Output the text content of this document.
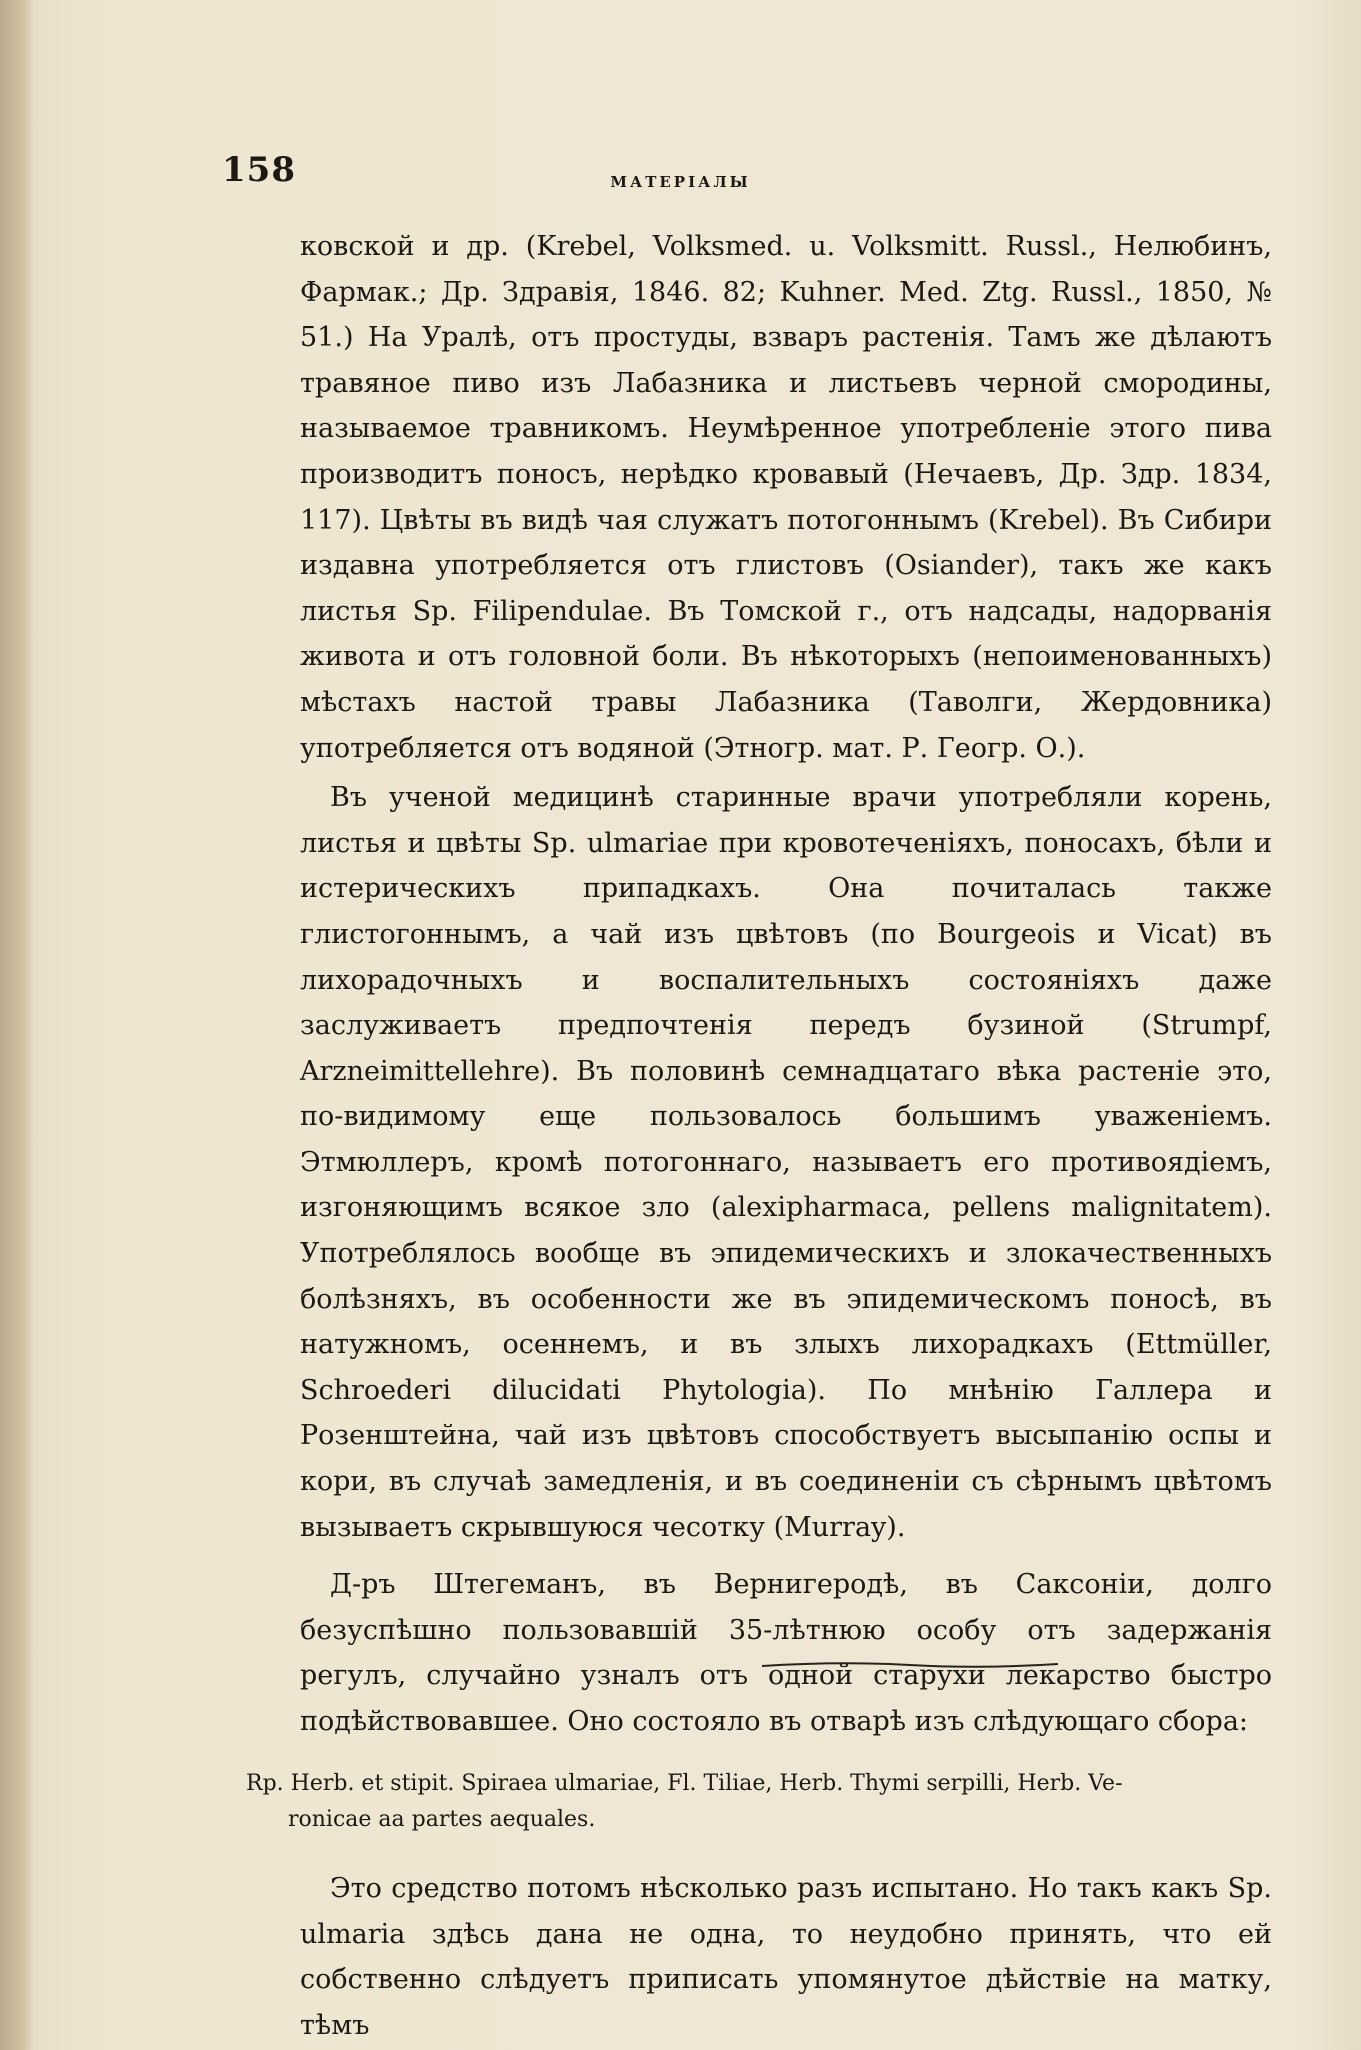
158	МАТЕРІАЛЫ

ковской и др. (Krebel, Volksmed. u. Volksmitt. Russl., Нелюбинъ, Фармак.; Др. Здравія, 1846. 82; Kuhner. Med. Ztg. Russl., 1850, № 51.) На Уралѣ, отъ простуды, взваръ растенія. Тамъ же дѣлаютъ травяное пиво изъ Лабазника и листьевъ черной смородины, называемое травникомъ. Неумѣренное употребленіе этого пива производитъ поносъ, нерѣдко кровавый (Нечаевъ, Др. Здр. 1834, 117). Цвѣты въ видѣ чая служатъ потогоннымъ (Krebel). Въ Сибири издавна употребляется отъ глистовъ (Osiander), такъ же какъ листья Sp. Filipendulae. Въ Томской г., отъ надсады, надорванія живота и отъ головной боли. Въ нѣкоторыхъ (непоименованныхъ) мѣстахъ настой травы Лабазника (Таволги, Жердовника) употребляется отъ водяной (Этногр. мат. Р. Геогр. О.).

Въ ученой медицинѣ старинные врачи употребляли корень, листья и цвѣты Sp. ulmariae при кровотеченіяхъ, поносахъ, бѣли и истерическихъ припадкахъ. Она почиталась также глистогоннымъ, а чай изъ цвѣтовъ (по Bourgeois и Vicat) въ лихорадочныхъ и воспалительныхъ состояніяхъ даже заслуживаетъ предпочтенія передъ бузиной (Strumpf, Arzneimittellehre). Въ половинѣ семнадцатаго вѣка растеніе это, по-видимому еще пользовалось большимъ уваженіемъ. Этмюллеръ, кромѣ потогоннаго, называетъ его противоядіемъ, изгоняющимъ всякое зло (alexipharmaca, pellens malignitatem). Употреблялось вообще въ эпидемическихъ и злокачественныхъ болѣзняхъ, въ особенности же въ эпидемическомъ поносѣ, въ натужномъ, осеннемъ, и въ злыхъ лихорадкахъ (Ettmüller, Schroederi dilucidati Phytologia). По мнѣнію Галлера и Розенштейна, чай изъ цвѣтовъ способствуетъ высыпанію оспы и кори, въ случаѣ замедленія, и въ соединеніи съ сѣрнымъ цвѣтомъ вызываетъ скрывшуюся чесотку (Murray).

Д-ръ Штегеманъ, въ Вернигеродѣ, въ Саксоніи, долго безуспѣшно пользовавшій 35-лѣтнюю особу отъ задержанія регулъ, случайно узналъ отъ одной старухи лекарство быстро подѣйствовавшее. Оно состояло въ отварѣ изъ слѣдующаго сбора:

Rp. Herb. et stipit. Spiraea ulmariae, Fl. Tiliae, Herb. Thymi serpilli, Herb. Ve-
ronicae aa partes aequales.

Это средство потомъ нѣсколько разъ испытано. Но такъ какъ Sp. ulmaria здѣсь дана не одна, то неудобно принять, что ей собственно слѣдуетъ приписать упомянутое дѣйствіе на матку, тѣмъ
